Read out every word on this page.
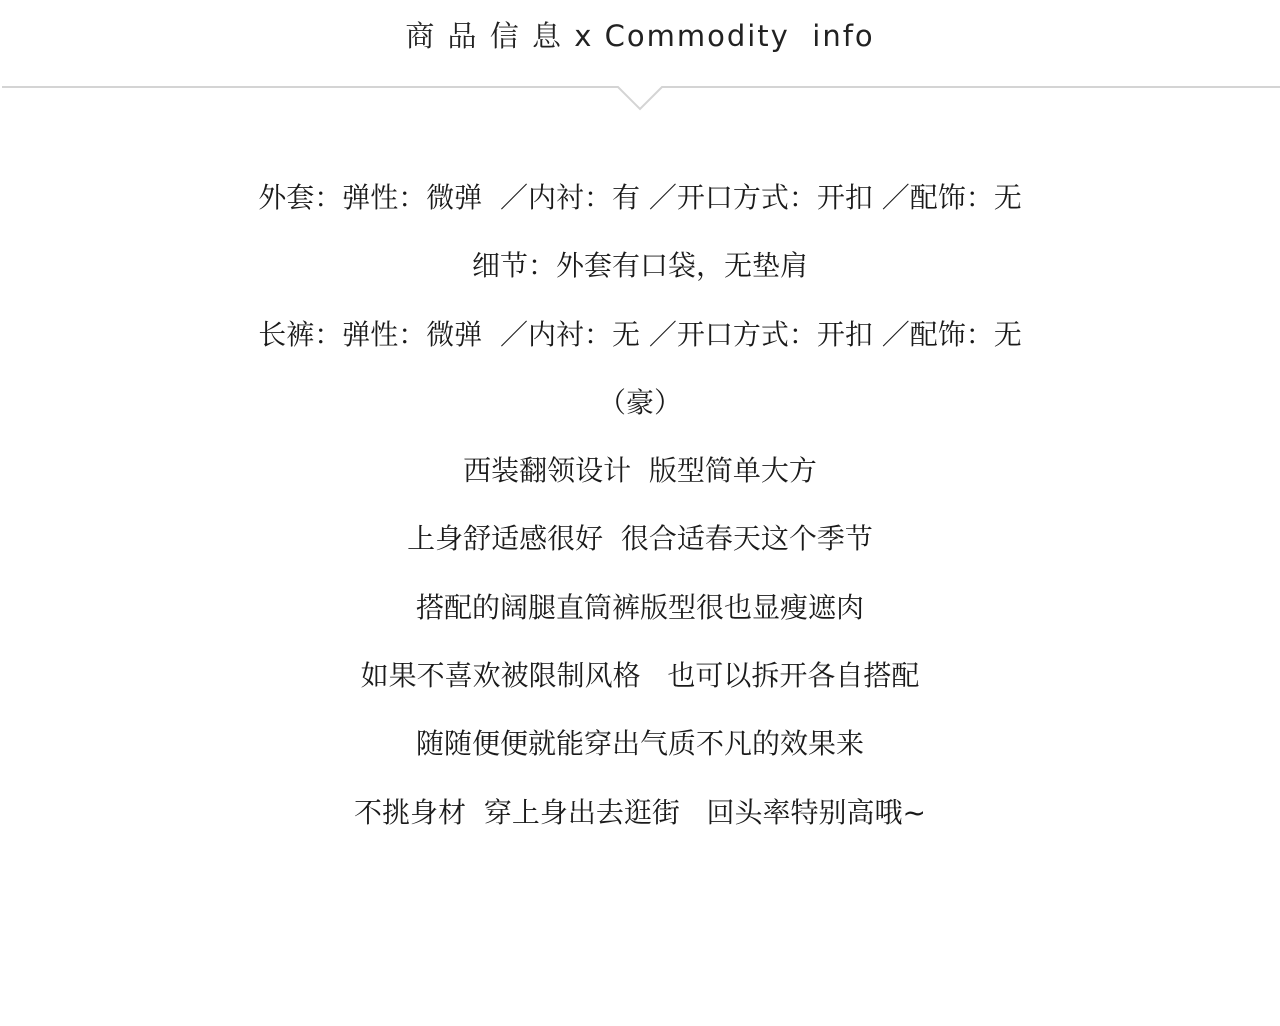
商 品 信 息 x Commodity  info
外套：弹性：微弹  ／内衬：有 ／开口方式：开扣 ／配饰：无
细节：外套有口袋，无垫肩
长裤：弹性：微弹  ／内衬：无 ／开口方式：开扣 ／配饰：无
（豪）
西装翻领设计  版型简单大方
上身舒适感很好  很合适春天这个季节
搭配的阔腿直筒裤版型很也显瘦遮肉
如果不喜欢被限制风格   也可以拆开各自搭配
随随便便就能穿出气质不凡的效果来
不挑身材  穿上身出去逛街   回头率特别高哦~
